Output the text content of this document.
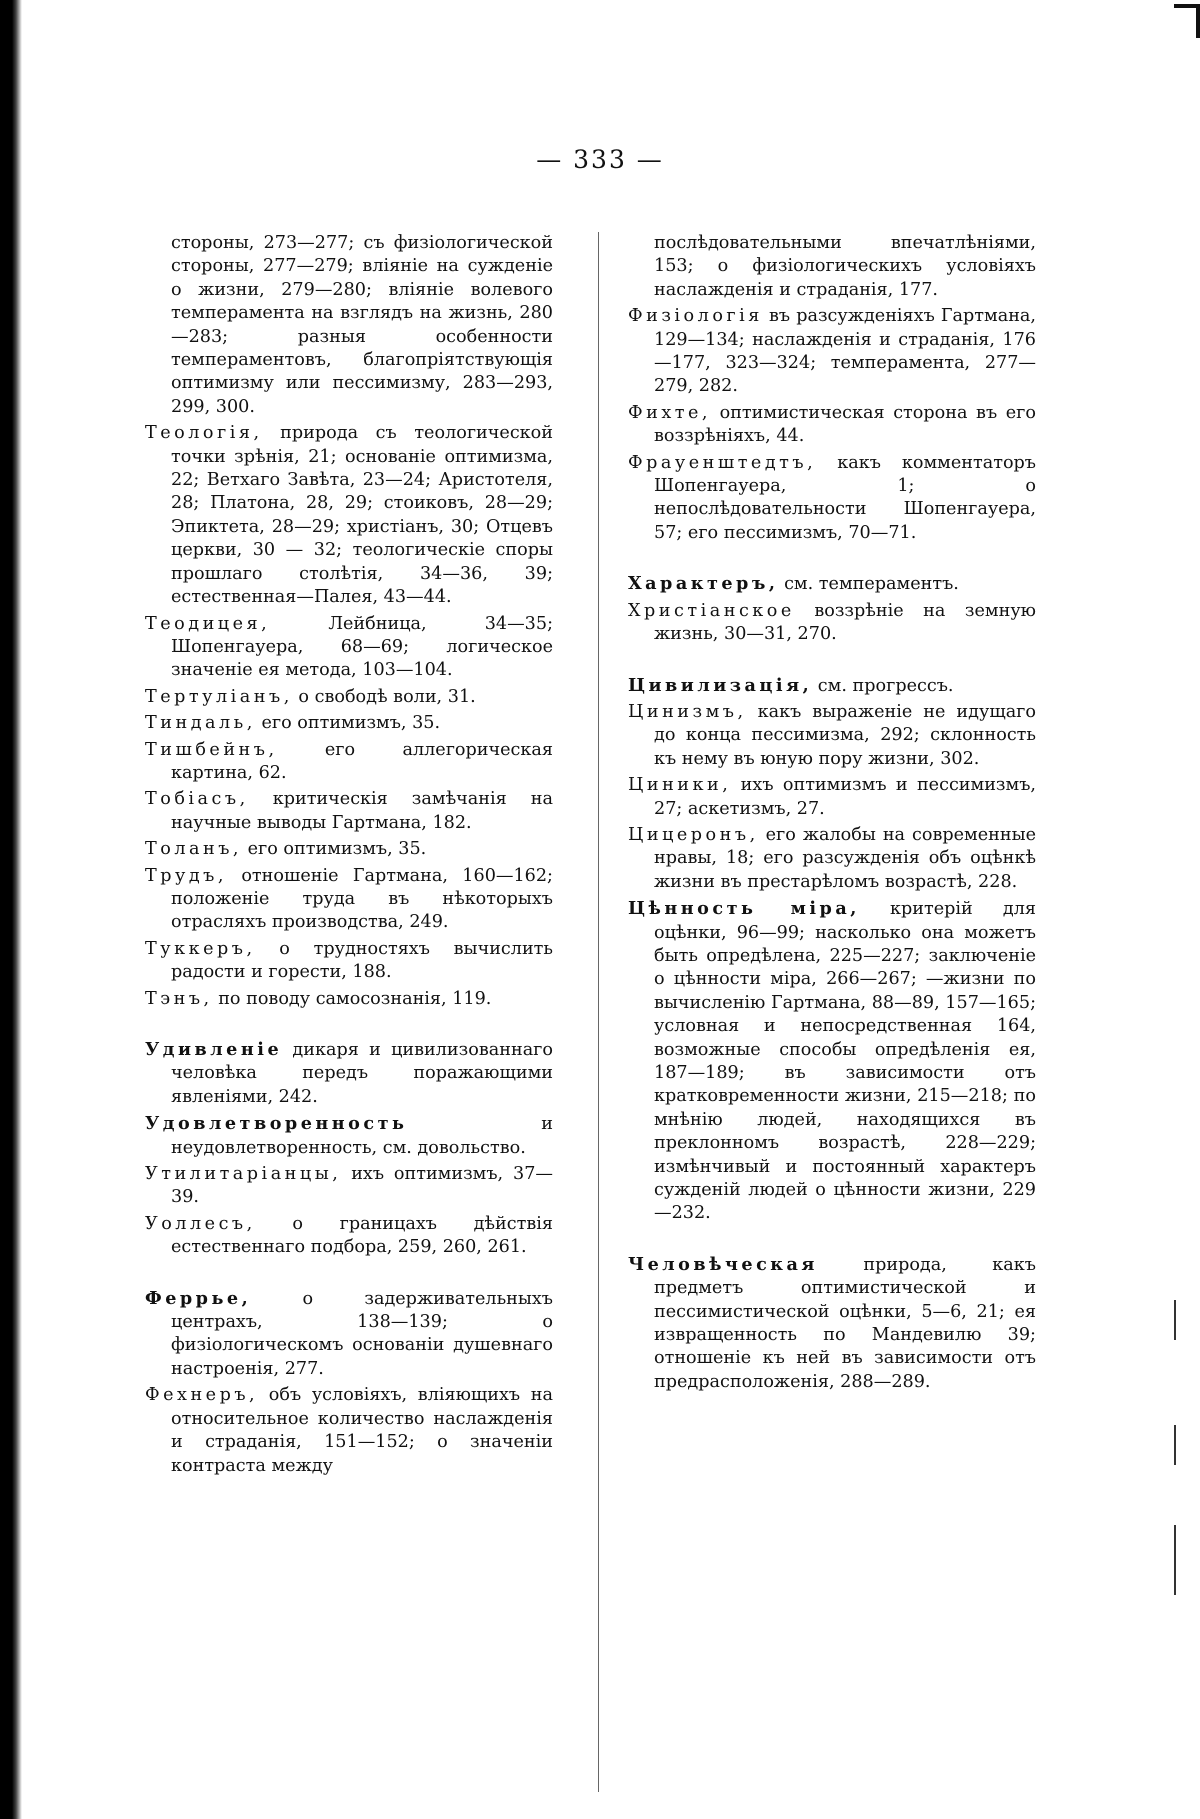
— 333 —

стороны, 273—277; съ физiологической стороны, 277—279; влiянiе на сужденiе о жизни, 279—280; влiянiе волевого темперамента на взглядъ на жизнь, 280—283; разныя особенности темпераментовъ, благопрiятствующiя оптимизму или пессимизму, 283—293, 299, 300.

Теологiя, природа съ теологической точки зрѣнiя, 21; основанiе оптимизма, 22; Ветхаго Завѣта, 23—24; Аристотеля, 28; Платона, 28, 29; стоиковъ, 28—29; Эпиктета, 28—29; христiанъ, 30; Отцевъ церкви, 30 — 32; теологическiе споры прошлаго столѣтiя, 34—36, 39; естественная—Палея, 43—44.

Теодицея, Лейбница, 34—35; Шопенгауера, 68—69; логическое значенiе ея метода, 103—104.

Тертулiанъ, о свободѣ воли, 31.

Тиндаль, его оптимизмъ, 35.

Тишбейнъ, его аллегорическая картина, 62.

Тобiасъ, критическiя замѣчанiя на научные выводы Гартмана, 182.

Толанъ, его оптимизмъ, 35.

Трудъ, отношенiе Гартмана, 160—162; положенiе труда въ нѣкоторыхъ отрасляхъ производства, 249.

Туккеръ, о трудностяхъ вычислить радости и горести, 188.

Тэнъ, по поводу самосознанiя, 119.

Удивленiе дикаря и цивилизованнаго человѣка передъ поражающими явленiями, 242.

Удовлетворенность и неудовлетворенность, см. довольство.

Утилитарiанцы, ихъ оптимизмъ, 37—39.

Уоллесъ, о границахъ дѣйствiя естественнаго подбора, 259, 260, 261.

Феррье, о задерживательныхъ центрахъ, 138—139; о физiологическомъ основанiи душевнаго настроенiя, 277.

Фехнеръ, объ условiяхъ, влiяющихъ на относительное количество наслажденiя и страданiя, 151—152; о значенiи контраста между

послѣдовательными впечатлѣнiями, 153; о физiологическихъ условiяхъ наслажденiя и страданiя, 177.

Физiологiя въ разсужденiяхъ Гартмана, 129—134; наслажденiя и страданiя, 176—177, 323—324; темперамента, 277—279, 282.

Фихте, оптимистическая сторона въ его воззрѣнiяхъ, 44.

Фрауенштедтъ, какъ комментаторъ Шопенгауера, 1; о непослѣдовательности Шопенгауера, 57; его пессимизмъ, 70—71.

Характеръ, см. темпераментъ.

Христiанское воззрѣнiе на земную жизнь, 30—31, 270.

Цивилизацiя, см. прогрессъ.

Цинизмъ, какъ выраженiе не идущаго до конца пессимизма, 292; склонность къ нему въ юную пору жизни, 302.

Циники, ихъ оптимизмъ и пессимизмъ, 27; аскетизмъ, 27.

Цицеронъ, его жалобы на современные нравы, 18; его разсужденiя объ оцѣнкѣ жизни въ престарѣломъ возрастѣ, 228.

Цѣнность мiра, критерiй для оцѣнки, 96—99; насколько она можетъ быть опредѣлена, 225—227; заключенiе о цѣнности мiра, 266—267; —жизни по вычисленiю Гартмана, 88—89, 157—165; условная и непосредственная 164, возможные способы опредѣленiя ея, 187—189; въ зависимости отъ кратковременности жизни, 215—218; по мнѣнiю людей, находящихся въ преклонномъ возрастѣ, 228—229; измѣнчивый и постоянный характеръ сужденiй людей о цѣнности жизни, 229—232.

Человѣческая природа, какъ предметъ оптимистической и пессимистической оцѣнки, 5—6, 21; ея извращенность по Мандевилю 39; отношенiе къ ней въ зависимости отъ предрасположенiя, 288—289.
